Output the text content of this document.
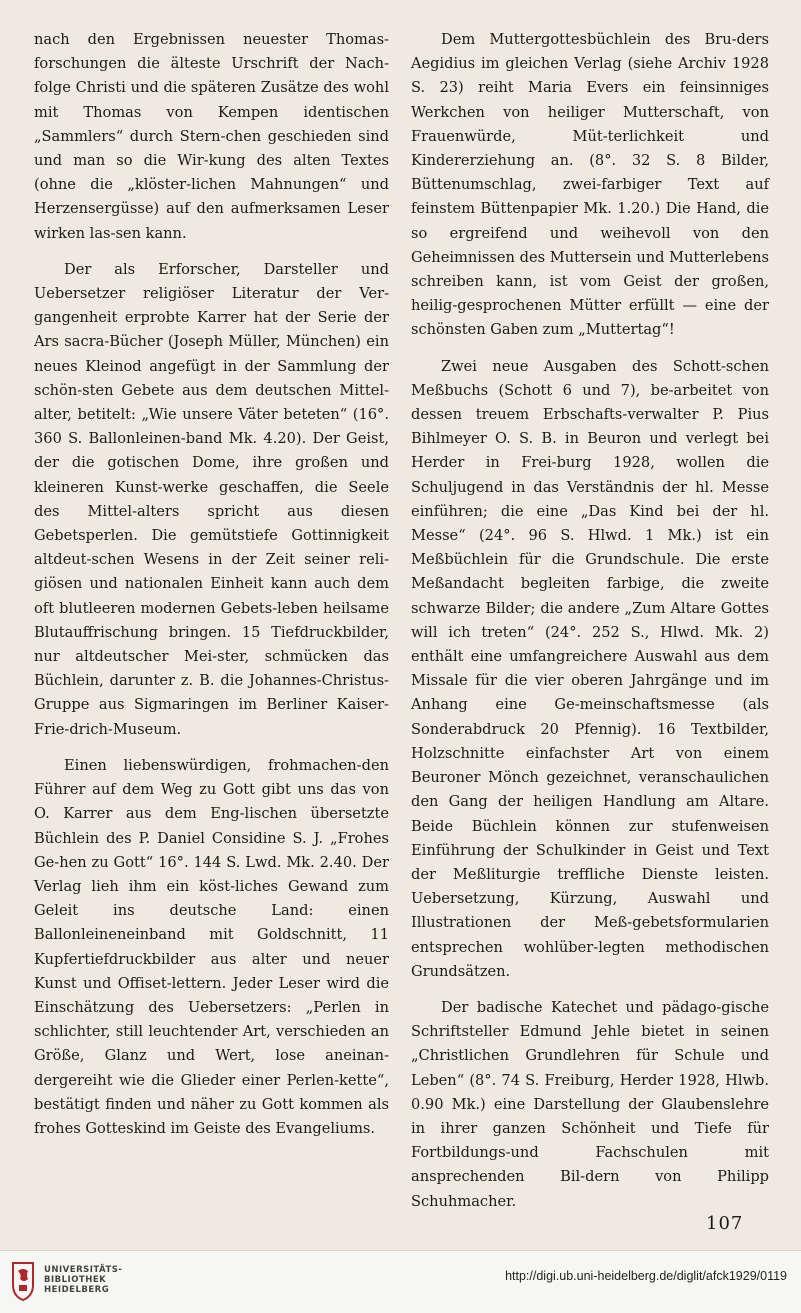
nach den Ergebnissen neuester Thomas-forschungen die älteste Urschrift der Nach-folge Christi und die späteren Zusätze des wohl mit Thomas von Kempen identischen „Sammlers“ durch Stern-chen geschieden sind und man so die Wir-kung des alten Textes (ohne die „klöster-lichen Mahnungen“ und Herzensergüsse) auf den aufmerksamen Leser wirken las-sen kann.

Der als Erforscher, Darsteller und Uebersetzer religiöser Literatur der Ver-gangenheit erprobte Karrer hat der Serie der Ars sacra-Bücher (Joseph Müller, München) ein neues Kleinod angefügt in der Sammlung der schön-sten Gebete aus dem deutschen Mittel-alter, betitelt: „Wie unsere Väter beteten“ (16°. 360 S. Ballonleinen-band Mk. 4.20). Der Geist, der die gotischen Dome, ihre großen und kleineren Kunst-werke geschaffen, die Seele des Mittel-alters spricht aus diesen Gebetsperlen. Die gemütstiefe Gottinnigkeit altdeut-schen Wesens in der Zeit seiner reli-giösen und nationalen Einheit kann auch dem oft blutleeren modernen Gebets-leben heilsame Blutauffrischung bringen. 15 Tiefdruckbilder, nur altdeutscher Mei-ster, schmücken das Büchlein, darunter z. B. die Johannes-Christus-Gruppe aus Sigmaringen im Berliner Kaiser-Frie-drich-Museum.

Einen liebenswürdigen, frohmachen-den Führer auf dem Weg zu Gott gibt uns das von O. Karrer aus dem Eng-lischen übersetzte Büchlein des P. Daniel Considine S. J. „Frohes Ge-hen zu Gott“ 16°. 144 S. Lwd. Mk. 2.40. Der Verlag lieh ihm ein köst-liches Gewand zum Geleit ins deutsche Land: einen Ballonleineneinband mit Goldschnitt, 11 Kupfertiefdruckbilder aus alter und neuer Kunst und Offiset-lettern. Jeder Leser wird die Einschätzung des Uebersetzers: „Perlen in schlichter, still leuchtender Art, verschieden an Größe, Glanz und Wert, lose aneinan-dergereiht wie die Glieder einer Perlen-kette“, bestätigt finden und näher zu Gott kommen als frohes Gotteskind im Geiste des Evangeliums.

Dem Muttergottesbüchlein des Bru-ders Aegidius im gleichen Verlag (siehe Archiv 1928 S. 23) reiht Maria Evers ein feinsinniges Werkchen von heiliger Mutterschaft, von Frauenwürde, Müt-terlichkeit und Kindererziehung an. (8°. 32 S. 8 Bilder, Büttenumschlag, zwei-farbiger Text auf feinstem Büttenpapier Mk. 1.20.) Die Hand, die so ergreifend und weihevoll von den Geheimnissen des Muttersein und Mutterlebens schreiben kann, ist vom Geist der großen, heilig-gesprochenen Mütter erfüllt — eine der schönsten Gaben zum „Muttertag“!

Zwei neue Ausgaben des Schott-schen Meßbuchs (Schott 6 und 7), be-arbeitet von dessen treuem Erbschafts-verwalter P. Pius Bihlmeyer O. S. B. in Beuron und verlegt bei Herder in Frei-burg 1928, wollen die Schuljugend in das Verständnis der hl. Messe einführen; die eine „Das Kind bei der hl. Messe“ (24°. 96 S. Hlwd. 1 Mk.) ist ein Meßbüchlein für die Grundschule. Die erste Meßandacht begleiten farbige, die zweite schwarze Bilder; die andere „Zum Altare Gottes will ich treten“ (24°. 252 S., Hlwd. Mk. 2) enthält eine umfangreichere Auswahl aus dem Missale für die vier oberen Jahrgänge und im Anhang eine Ge-meinschaftsmesse (als Sonderabdruck 20 Pfennig). 16 Textbilder, Holzschnitte einfachster Art von einem Beuroner Mönch gezeichnet, veranschaulichen den Gang der heiligen Handlung am Altare. Beide Büchlein können zur stufenweisen Einführung der Schulkinder in Geist und Text der Meßliturgie treffliche Dienste leisten. Uebersetzung, Kürzung, Auswahl und Illustrationen der Meß-gebetsformularien entsprechen wohlüber-legten methodischen Grundsätzen.

Der badische Katechet und pädago-gische Schriftsteller Edmund Jehle bietet in seinen „Christlichen Grundlehren für Schule und Leben“ (8°. 74 S. Freiburg, Herder 1928, Hlwb. 0.90 Mk.) eine Darstellung der Glaubenslehre in ihrer ganzen Schönheit und Tiefe für Fortbildungs-und Fachschulen mit ansprechenden Bil-dern von Philipp Schuhmacher.

107
UNIVERSITÄTS-
BIBLIOTHEK
HEIDELBERG
http://digi.ub.uni-heidelberg.de/diglit/afck1929/0119
